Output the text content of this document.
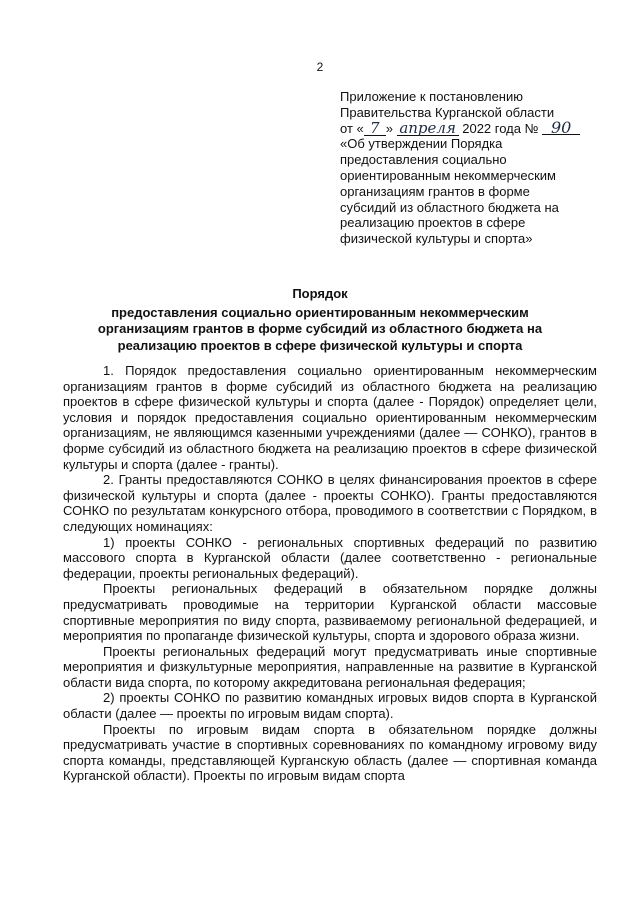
2
Приложение к постановлению
Правительства Курганской области
от « 7 » апреля 2022 года № 90
«Об утверждении Порядка
предоставления социально
ориентированным некоммерческим
организациям грантов в форме
субсидий из областного бюджета на
реализацию проектов в сфере
физической культуры и спорта»
Порядок
предоставления социально ориентированным некоммерческим
организациям грантов в форме субсидий из областного бюджета на
реализацию проектов в сфере физической культуры и спорта

1. Порядок предоставления социально ориентированным некоммерческим организациям грантов в форме субсидий из областного бюджета на реализацию проектов в сфере физической культуры и спорта (далее - Порядок) определяет цели, условия и порядок предоставления социально ориентированным некоммерческим организациям, не являющимся казенными учреждениями (далее — СОНКО), грантов в форме субсидий из областного бюджета на реализацию проектов в сфере физической культуры и спорта (далее - гранты).

2. Гранты предоставляются СОНКО в целях финансирования проектов в сфере физической культуры и спорта (далее - проекты СОНКО). Гранты предоставляются СОНКО по результатам конкурсного отбора, проводимого в соответствии с Порядком, в следующих номинациях:

1) проекты СОНКО - региональных спортивных федераций по развитию массового спорта в Курганской области (далее соответственно - региональные федерации, проекты региональных федераций).

Проекты региональных федераций в обязательном порядке должны предусматривать проводимые на территории Курганской области массовые спортивные мероприятия по виду спорта, развиваемому региональной федерацией, и мероприятия по пропаганде физической культуры, спорта и здорового образа жизни.

Проекты региональных федераций могут предусматривать иные спортивные мероприятия и физкультурные мероприятия, направленные на развитие в Курганской области вида спорта, по которому аккредитована региональная федерация;

2) проекты СОНКО по развитию командных игровых видов спорта в Курганской области (далее — проекты по игровым видам спорта).

Проекты по игровым видам спорта в обязательном порядке должны предусматривать участие в спортивных соревнованиях по командному игровому виду спорта команды, представляющей Курганскую область (далее — спортивная команда Курганской области). Проекты по игровым видам спорта
